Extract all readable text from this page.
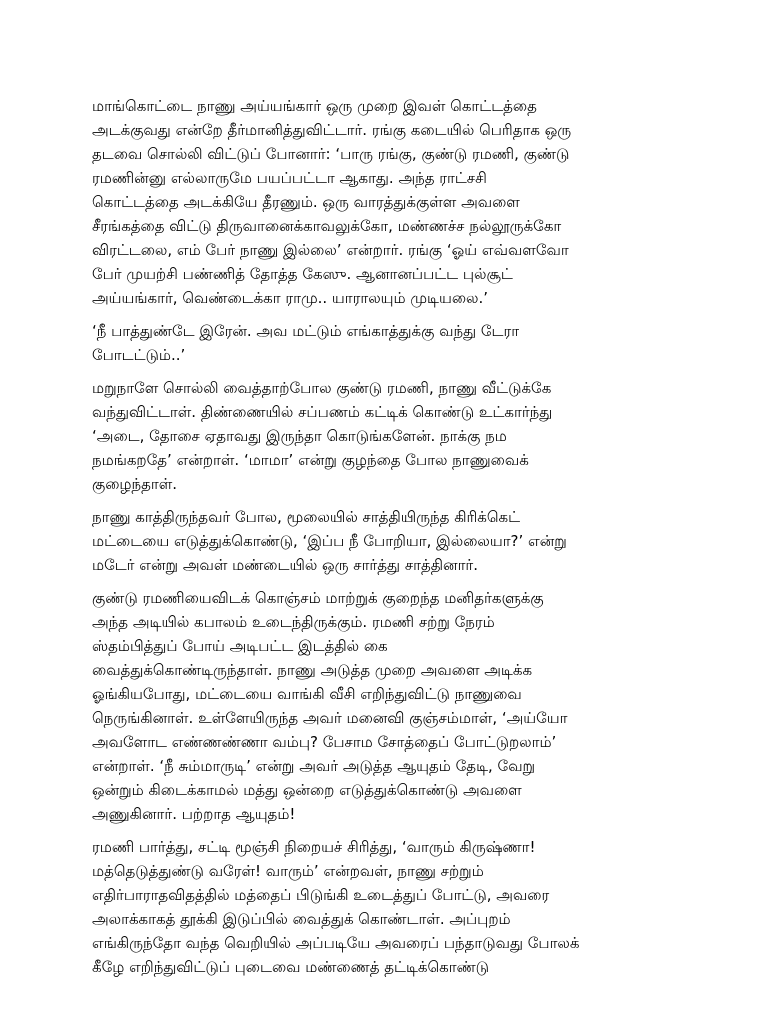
மாங்கொட்டை நாணு அய்யங்கார் ஒரு முறை இவள் கொட்டத்தை
அடக்குவது என்றே தீர்மானித்துவிட்டார். ரங்கு கடையில் பெரிதாக ஒரு
தடவை சொல்லி விட்டுப் போனார்: ‘பாரு ரங்கு, குண்டு ரமணி, குண்டு
ரமணின்னு எல்லாருமே பயப்பட்டா ஆகாது. அந்த ராட்சசி
கொட்டத்தை அடக்கியே தீரணும். ஒரு வாரத்துக்குள்ள அவளை
சீரங்கத்தை விட்டு திருவானைக்காவலுக்கோ, மண்ணச்ச நல்லூருக்கோ
விரட்டலை, எம் பேர் நாணு இல்லை’ என்றார். ரங்கு ‘ஓய் எவ்வளவோ
பேர் முயற்சி பண்ணித் தோத்த கேஸு. ஆனானப்பட்ட புல்சூட்
அய்யங்கார், வெண்டைக்கா ராமு.. யாராலயும் முடியலை.’

‘நீ பாத்துண்டே இரேன். அவ மட்டும் எங்காத்துக்கு வந்து டேரா
போடட்டும்..’

மறுநாளே சொல்லி வைத்தாற்போல குண்டு ரமணி, நாணு வீட்டுக்கே
வந்துவிட்டாள். திண்ணையில் சப்பணம் கட்டிக் கொண்டு உட்கார்ந்து
‘அடை, தோசை ஏதாவது இருந்தா கொடுங்களேன். நாக்கு நம
நமங்கறதே’ என்றாள். ‘மாமா’ என்று குழந்தை போல நாணுவைக்
குழைந்தாள்.

நாணு காத்திருந்தவர் போல, மூலையில் சாத்தியிருந்த கிரிக்கெட்
மட்டையை எடுத்துக்கொண்டு, ‘இப்ப நீ போறியா, இல்லையா?’ என்று
மடேர் என்று அவள் மண்டையில் ஒரு சார்த்து சாத்தினார்.

குண்டு ரமணியைவிடக் கொஞ்சம் மாற்றுக் குறைந்த மனிதர்களுக்கு
அந்த அடியில் கபாலம் உடைந்திருக்கும். ரமணி சற்று நேரம்
ஸ்தம்பித்துப் போய் அடிபட்ட இடத்தில் கை
வைத்துக்கொண்டிருந்தாள். நாணு அடுத்த முறை அவளை அடிக்க
ஓங்கியபோது, மட்டையை வாங்கி வீசி எறிந்துவிட்டு நாணுவை
நெருங்கினாள். உள்ளேயிருந்த அவர் மனைவி குஞ்சம்மாள், ‘அய்யோ
அவளோட எண்ணண்ணா வம்பு? பேசாம சோத்தைப் போட்டுறலாம்’
என்றாள். ‘நீ சும்மாருடி’ என்று அவர் அடுத்த ஆயுதம் தேடி, வேறு
ஒன்றும் கிடைக்காமல் மத்து ஒன்றை எடுத்துக்கொண்டு அவளை
அணுகினார். பற்றாத ஆயுதம்!

ரமணி பார்த்து, சட்டி மூஞ்சி நிறையச் சிரித்து, ‘வாரும் கிருஷ்ணா!
மத்தெடுத்துண்டு வரேள்! வாரும்’ என்றவள், நாணு சற்றும்
எதிர்பாராதவிதத்தில் மத்தைப் பிடுங்கி உடைத்துப் போட்டு, அவரை
அலாக்காகத் தூக்கி இடுப்பில் வைத்துக் கொண்டாள். அப்புறம்
எங்கிருந்தோ வந்த வெறியில் அப்படியே அவரைப் பந்தாடுவது போலக்
கீழே எறிந்துவிட்டுப் புடைவை மண்ணைத் தட்டிக்கொண்டு
